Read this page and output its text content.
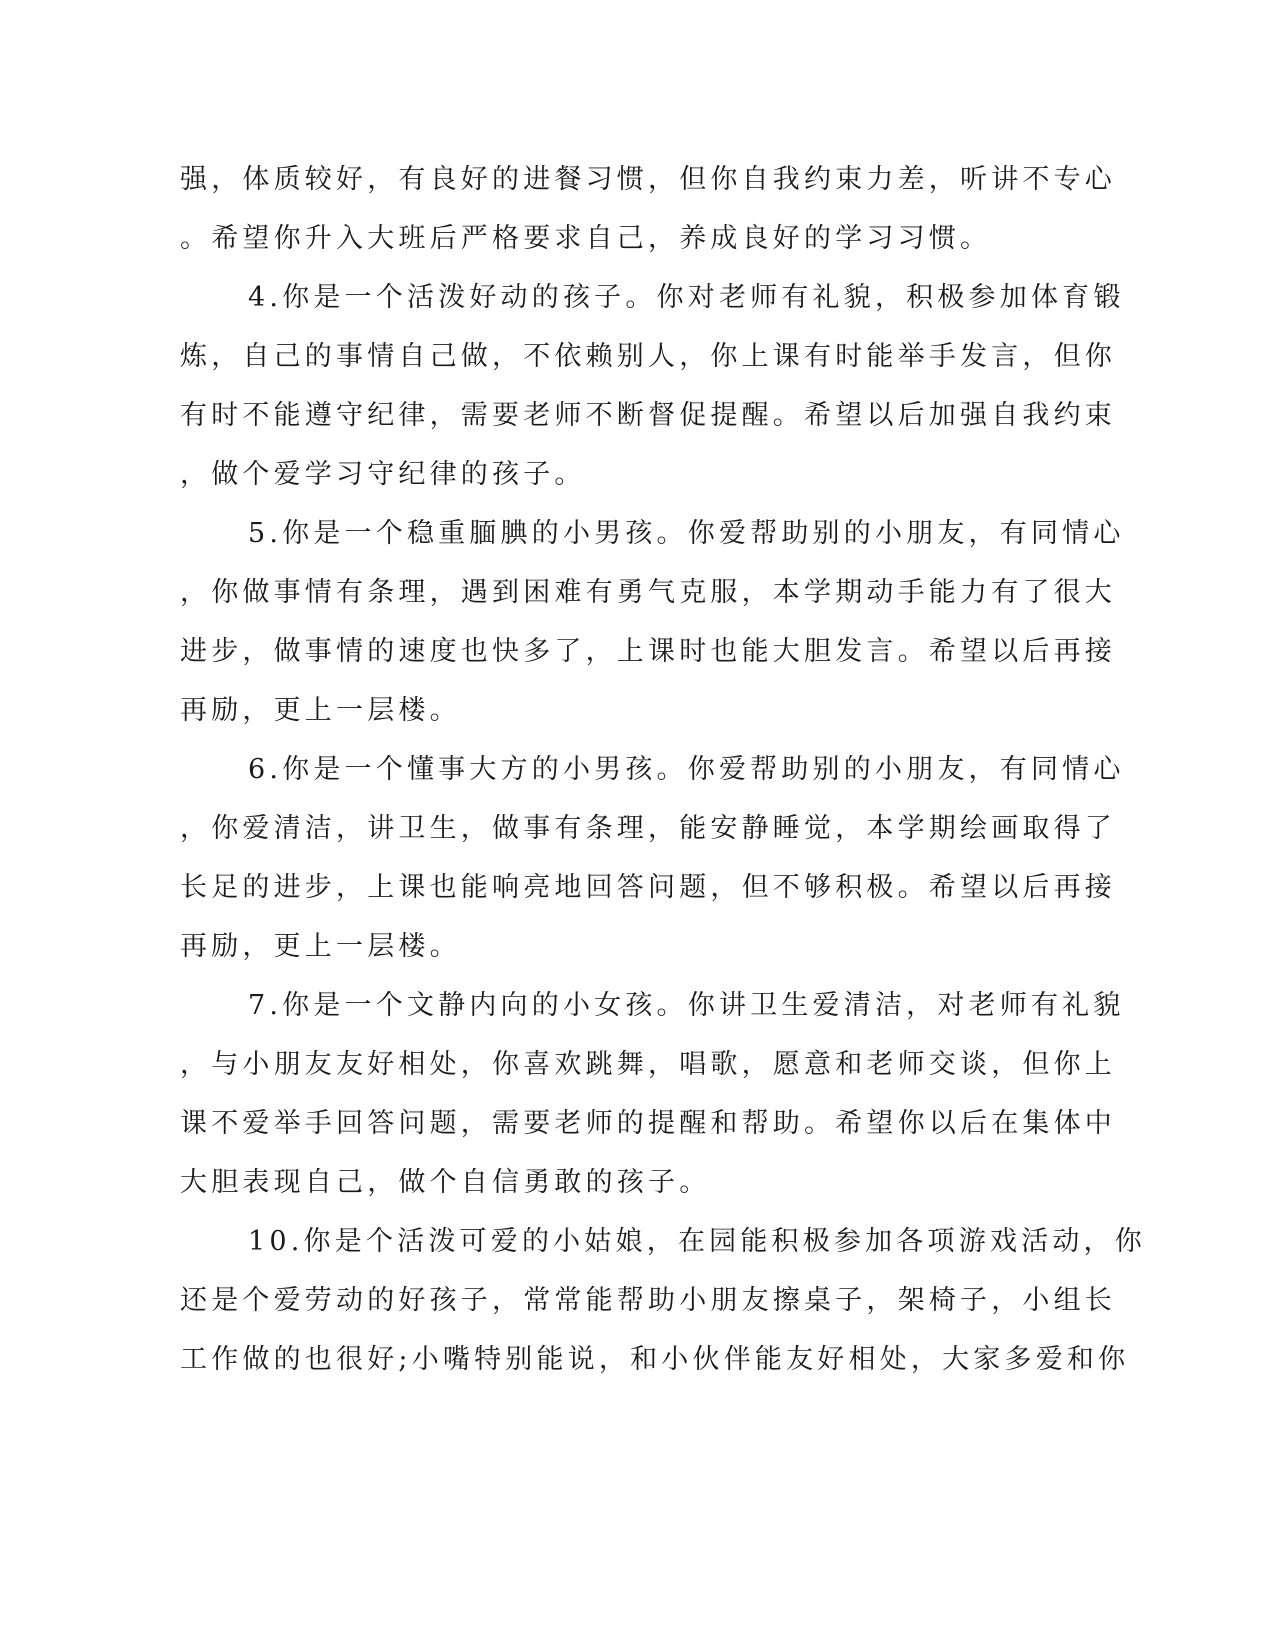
强，体质较好，有良好的进餐习惯，但你自我约束力差，听讲不专心
。希望你升入大班后严格要求自己，养成良好的学习习惯。
4.你是一个活泼好动的孩子。你对老师有礼貌，积极参加体育锻
炼，自己的事情自己做，不依赖别人，你上课有时能举手发言，但你
有时不能遵守纪律，需要老师不断督促提醒。希望以后加强自我约束
，做个爱学习守纪律的孩子。
5.你是一个稳重腼腆的小男孩。你爱帮助别的小朋友，有同情心
，你做事情有条理，遇到困难有勇气克服，本学期动手能力有了很大
进步，做事情的速度也快多了，上课时也能大胆发言。希望以后再接
再励，更上一层楼。
6.你是一个懂事大方的小男孩。你爱帮助别的小朋友，有同情心
，你爱清洁，讲卫生，做事有条理，能安静睡觉，本学期绘画取得了
长足的进步，上课也能响亮地回答问题，但不够积极。希望以后再接
再励，更上一层楼。
7.你是一个文静内向的小女孩。你讲卫生爱清洁，对老师有礼貌
，与小朋友友好相处，你喜欢跳舞，唱歌，愿意和老师交谈，但你上
课不爱举手回答问题，需要老师的提醒和帮助。希望你以后在集体中
大胆表现自己，做个自信勇敢的孩子。
10.你是个活泼可爱的小姑娘，在园能积极参加各项游戏活动，你
还是个爱劳动的好孩子，常常能帮助小朋友擦桌子，架椅子，小组长
工作做的也很好;小嘴特别能说，和小伙伴能友好相处，大家多爱和你
